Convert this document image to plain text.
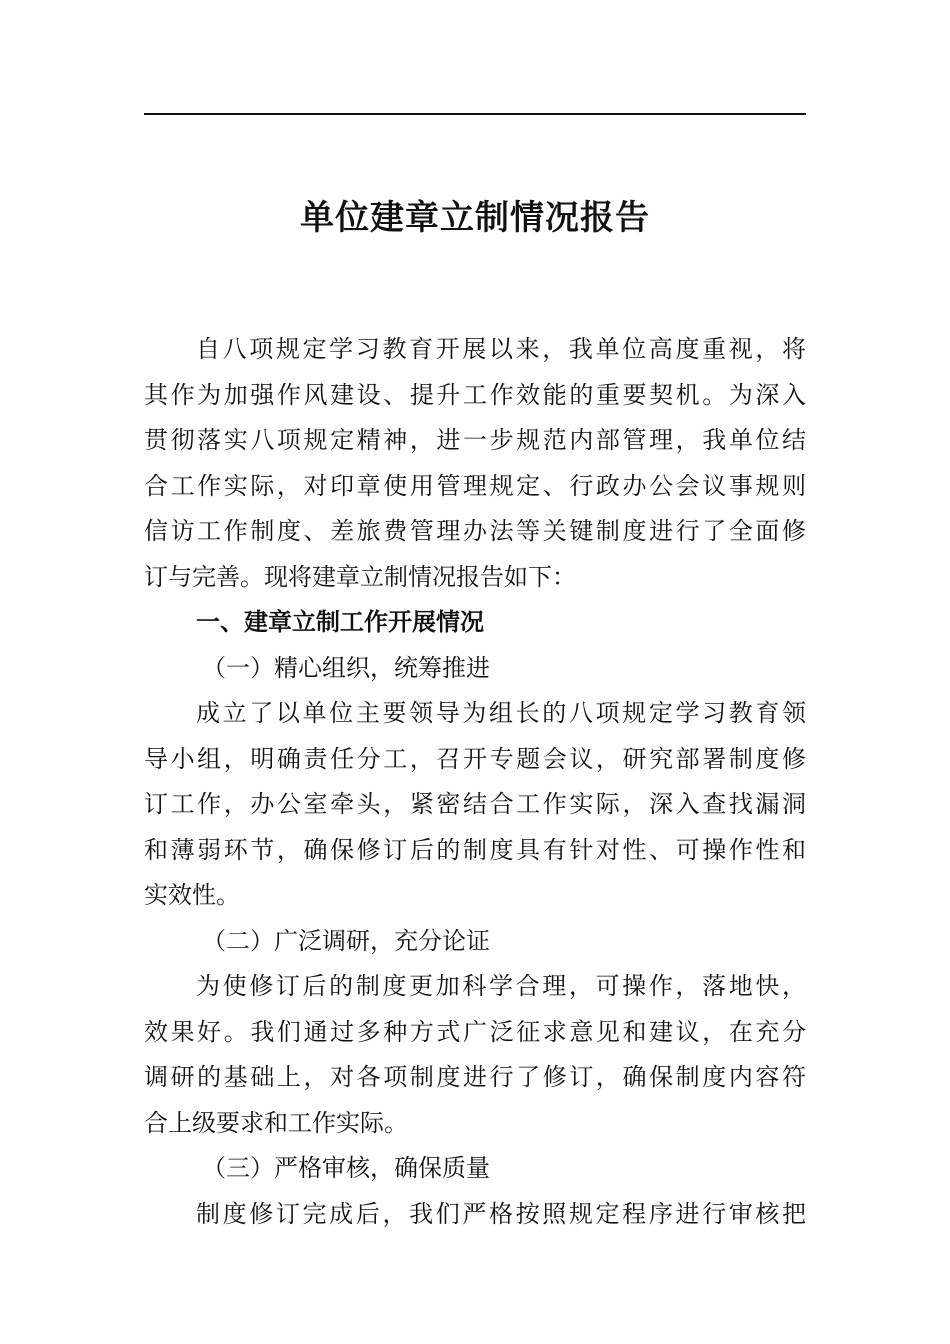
单位建章立制情况报告
自八项规定学习教育开展以来，我单位高度重视，将
其作为加强作风建设、提升工作效能的重要契机。为深入
贯彻落实八项规定精神，进一步规范内部管理，我单位结
合工作实际，对印章使用管理规定、行政办公会议事规则
信访工作制度、差旅费管理办法等关键制度进行了全面修
订与完善。现将建章立制情况报告如下：
一、建章立制工作开展情况
（一）精心组织，统筹推进
成立了以单位主要领导为组长的八项规定学习教育领
导小组，明确责任分工，召开专题会议，研究部署制度修
订工作，办公室牵头，紧密结合工作实际，深入查找漏洞
和薄弱环节，确保修订后的制度具有针对性、可操作性和
实效性。
（二）广泛调研，充分论证
为使修订后的制度更加科学合理，可操作，落地快，
效果好。我们通过多种方式广泛征求意见和建议，在充分
调研的基础上，对各项制度进行了修订，确保制度内容符
合上级要求和工作实际。
（三）严格审核，确保质量
制度修订完成后，我们严格按照规定程序进行审核把
